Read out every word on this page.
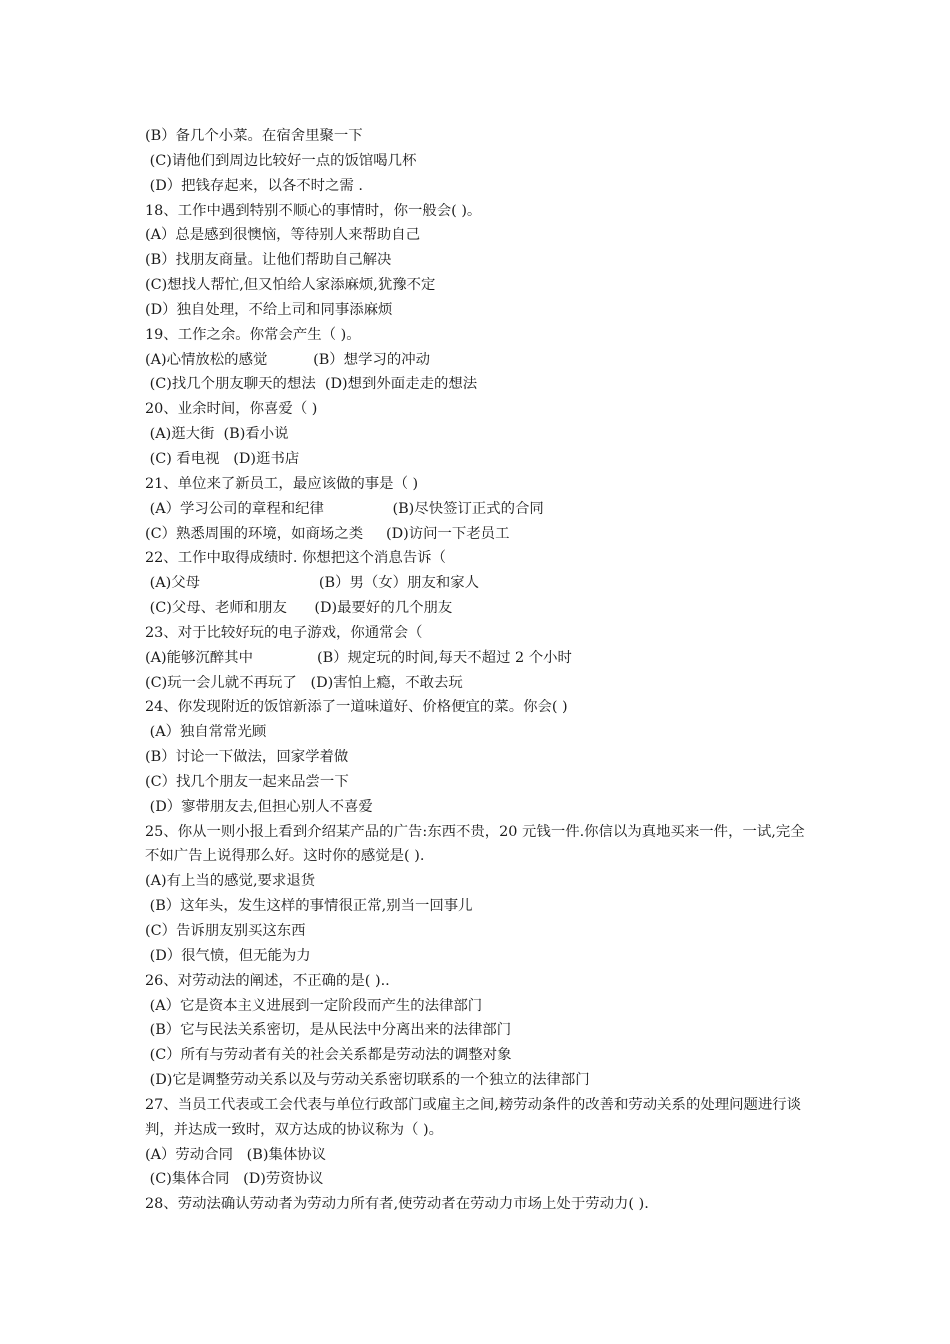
(B）备几个小菜。在宿舍里聚一下
(C)请他们到周边比较好一点的饭馆喝几杯
(D）把钱存起来，以各不时之需 .
18、工作中遇到特别不顺心的事情时，你一般会( )。
(A）总是感到很懊恼，等待别人来帮助自己
(B）找朋友商量。让他们帮助自己解决
(C)想找人帮忙,但又怕给人家添麻烦,犹豫不定
(D）独自处理，不给上司和同事添麻烦
19、工作之余。你常会产生（ )。
(A)心情放松的感觉          (B）想学习的冲动
(C)找几个朋友聊天的想法  (D)想到外面走走的想法
20、业余时间，你喜爱（ )
(A)逛大街  (B)看小说
(C) 看电视   (D)逛书店
21、单位来了新员工，最应该做的事是（ )
(A）学习公司的章程和纪律               (B)尽快签订正式的合同
(C）熟悉周围的环境，如商场之类     (D)访问一下老员工
22、工作中取得成绩时. 你想把这个消息告诉（
(A)父母                          (B）男（女）朋友和家人
(C)父母、老师和朋友      (D)最要好的几个朋友
23、对于比较好玩的电子游戏，你通常会（
(A)能够沉醉其中              (B）规定玩的时间,每天不超过 2 个小时
(C)玩一会儿就不再玩了   (D)害怕上瘾，不敢去玩
24、你发现附近的饭馆新添了一道味道好、价格便宜的菜。你会( )
(A）独自常常光顾
(B）讨论一下做法，回家学着做
(C）找几个朋友一起来品尝一下
(D）寥带朋友去,但担心别人不喜爱
25、你从一则小报上看到介绍某产品的广告:东西不贵，20 元钱一件.你信以为真地买来一件，一试,完全不如广告上说得那么好。这时你的感觉是( ).
(A)有上当的感觉,要求退货
(B）这年头，发生这样的事情很正常,别当一回事儿
(C）告诉朋友别买这东西
(D）很气愤，但无能为力
26、对劳动法的阐述，不正确的是( )..
(A）它是资本主义进展到一定阶段而产生的法律部门
(B）它与民法关系密切，是从民法中分离出来的法律部门
(C）所有与劳动者有关的社会关系都是劳动法的调整对象
(D)它是调整劳动关系以及与劳动关系密切联系的一个独立的法律部门
27、当员工代表或工会代表与单位行政部门或雇主之间,耪劳动条件的改善和劳动关系的处理问题进行谈判，并达成一致时，双方达成的协议称为（ )。
(A）劳动合同   (B)集体协议
(C)集体合同   (D)劳资协议
28、劳动法确认劳动者为劳动力所有者,使劳动者在劳动力市场上处于劳动力( ).
